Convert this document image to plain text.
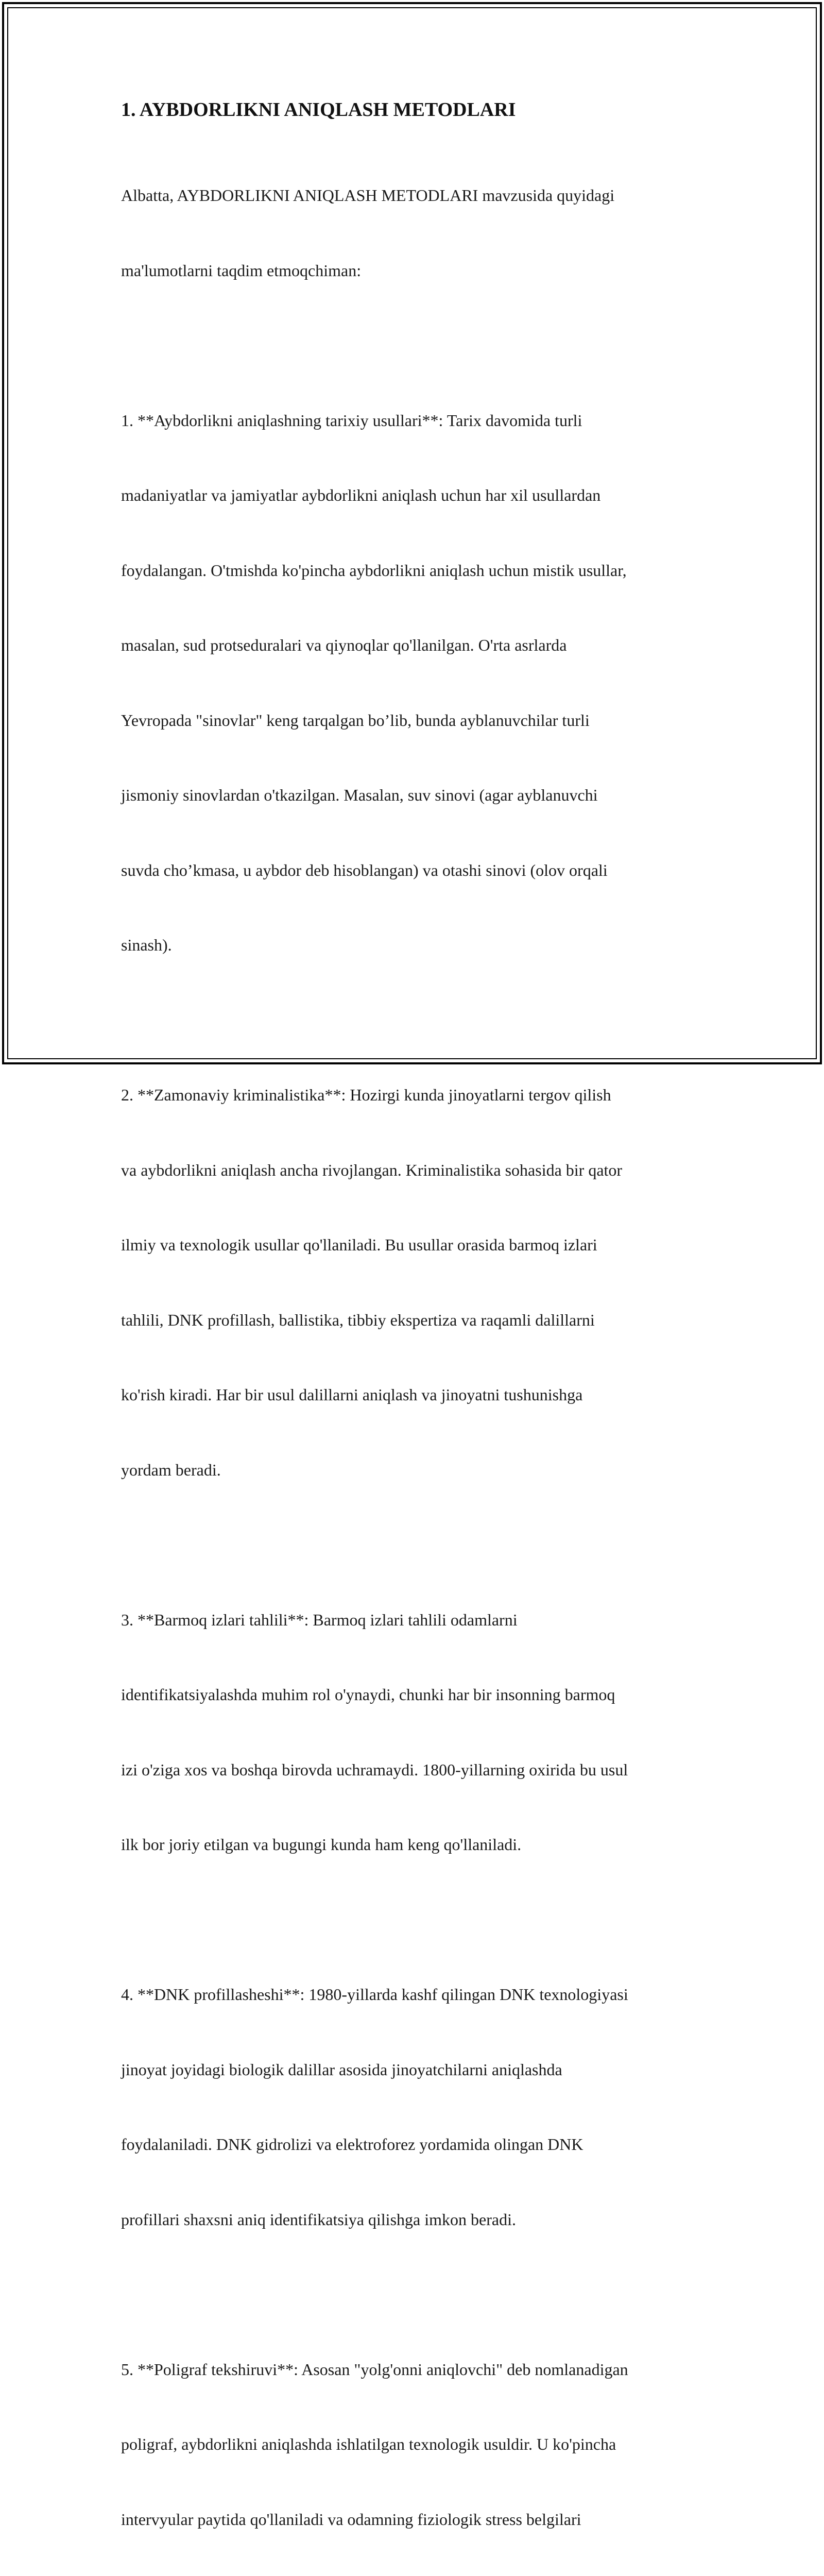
1. AYBDORLIKNI ANIQLASH METODLARI

Albatta, AYBDORLIKNI ANIQLASH METODLARI mavzusida quyidagi

ma'lumotlarni taqdim etmoqchiman:

1. **Aybdorlikni aniqlashning tarixiy usullari**: Tarix davomida turli

madaniyatlar va jamiyatlar aybdorlikni aniqlash uchun har xil usullardan

foydalangan. O'tmishda ko'pincha aybdorlikni aniqlash uchun mistik usullar,

masalan, sud protseduralari va qiynoqlar qo'llanilgan. O'rta asrlarda

Yevropada "sinovlar" keng tarqalgan bo’lib, bunda ayblanuvchilar turli

jismoniy sinovlardan o'tkazilgan. Masalan, suv sinovi (agar ayblanuvchi

suvda cho’kmasa, u aybdor deb hisoblangan) va otashi sinovi (olov orqali

sinash).

2. **Zamonaviy kriminalistika**: Hozirgi kunda jinoyatlarni tergov qilish

va aybdorlikni aniqlash ancha rivojlangan. Kriminalistika sohasida bir qator

ilmiy va texnologik usullar qo'llaniladi. Bu usullar orasida barmoq izlari

tahlili, DNK profillash, ballistika, tibbiy ekspertiza va raqamli dalillarni

ko'rish kiradi. Har bir usul dalillarni aniqlash va jinoyatni tushunishga

yordam beradi.

3. **Barmoq izlari tahlili**: Barmoq izlari tahlili odamlarni

identifikatsiyalashda muhim rol o'ynaydi, chunki har bir insonning barmoq

izi o'ziga xos va boshqa birovda uchramaydi. 1800-yillarning oxirida bu usul

ilk bor joriy etilgan va bugungi kunda ham keng qo'llaniladi.

4. **DNK profillasheshi**: 1980-yillarda kashf qilingan DNK texnologiyasi

jinoyat joyidagi biologik dalillar asosida jinoyatchilarni aniqlashda

foydalaniladi. DNK gidrolizi va elektroforez yordamida olingan DNK

profillari shaxsni aniq identifikatsiya qilishga imkon beradi.

5. **Poligraf tekshiruvi**: Asosan "yolg'onni aniqlovchi" deb nomlanadigan

poligraf, aybdorlikni aniqlashda ishlatilgan texnologik usuldir. U ko'pincha

intervyular paytida qo'llaniladi va odamning fiziologik stress belgilari
